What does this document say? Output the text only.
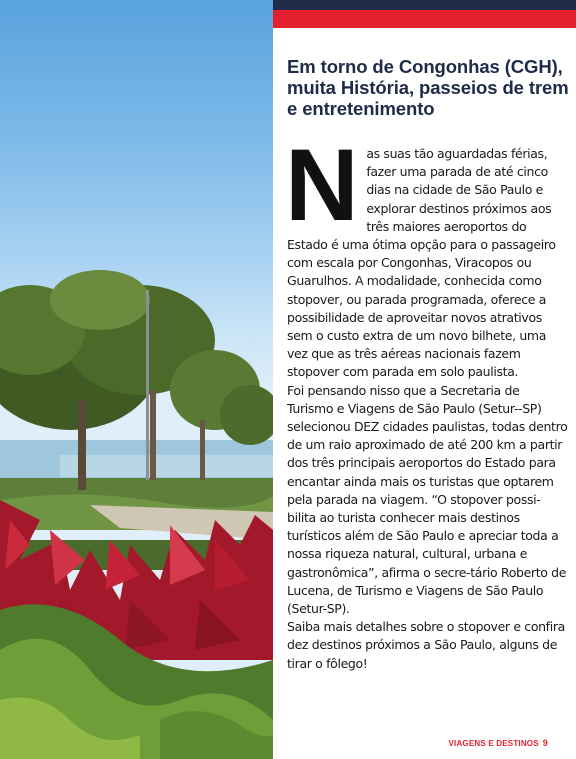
Em torno de Congonhas (CGH), muita História, passeios de trem e entretenimento
N as suas tão aguardadas férias, fazer uma parada de até cinco dias na cidade de São Paulo e explorar destinos próximos aos três maiores aeroportos do Estado é uma ótima opção para o passageiro com escala por Congonhas, Viracopos ou Guarulhos. A modalidade, conhecida como stopover, ou parada programada, oferece a possibilidade de aproveitar novos atrativos sem o custo extra de um novo bilhete, uma vez que as três aéreas nacionais fazem stopover com parada em solo paulista.

Foi pensando nisso que a Secretaria de Turismo e Viagens de São Paulo (Setur--SP) selecionou DEZ cidades paulistas, todas dentro de um raio aproximado de até 200 km a partir dos três principais aeroportos do Estado para encantar ainda mais os turistas que optarem pela parada na viagem. “O stopover possi-bilita ao turista conhecer mais destinos turísticos além de São Paulo e apreciar toda a nossa riqueza natural, cultural, urbana e gastronômica”, afirma o secre-tário Roberto de Lucena, de Turismo e Viagens de São Paulo (Setur-SP).

Saiba mais detalhes sobre o stopover e confira dez destinos próximos a São Paulo, alguns de tirar o fôlego!

VIAGENS E DESTINOS 9
